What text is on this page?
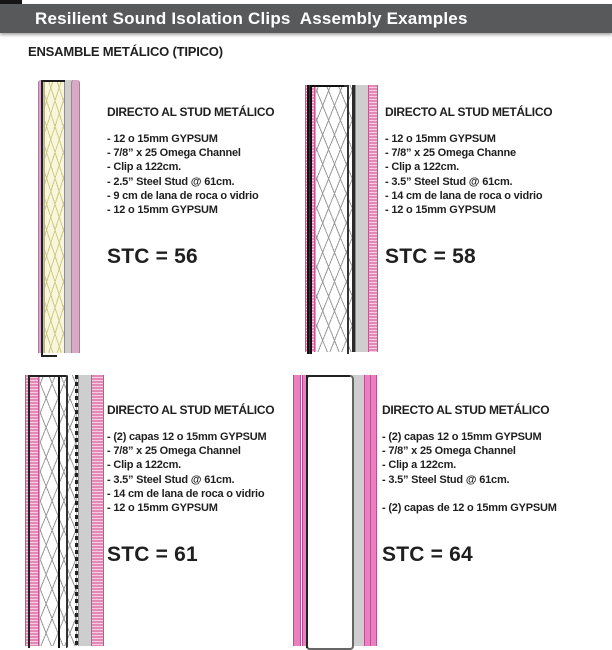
Resilient Sound Isolation Clips  Assembly Examples
ENSAMBLE METÁLICO (TIPICO)
DIRECTO AL STUD METÁLICO
- 12 o 15mm GYPSUM
- 7/8” x 25 Omega Channel
- Clip a 122cm.
- 2.5” Steel Stud @ 61cm.
- 9 cm de lana de roca o vidrio
- 12 o 15mm GYPSUM
STC = 56
DIRECTO AL STUD METÁLICO
- 12 o 15mm GYPSUM
- 7/8” x 25 Omega Channe
- Clip a 122cm.
- 3.5” Steel Stud @ 61cm.
- 14 cm de lana de roca o vidrio
- 12 o 15mm GYPSUM
STC = 58
DIRECTO AL STUD METÁLICO
- (2) capas 12 o 15mm GYPSUM
- 7/8” x 25 Omega Channel
- Clip a 122cm.
- 3.5” Steel Stud @ 61cm.
- 14 cm de lana de roca o vidrio
- 12 o 15mm GYPSUM
STC = 61
DIRECTO AL STUD METÁLICO
- (2) capas 12 o 15mm GYPSUM
- 7/8” x 25 Omega Channel
- Clip a 122cm.
- 3.5” Steel Stud @ 61cm.

- (2) capas de 12 o 15mm GYPSUM
STC = 64
